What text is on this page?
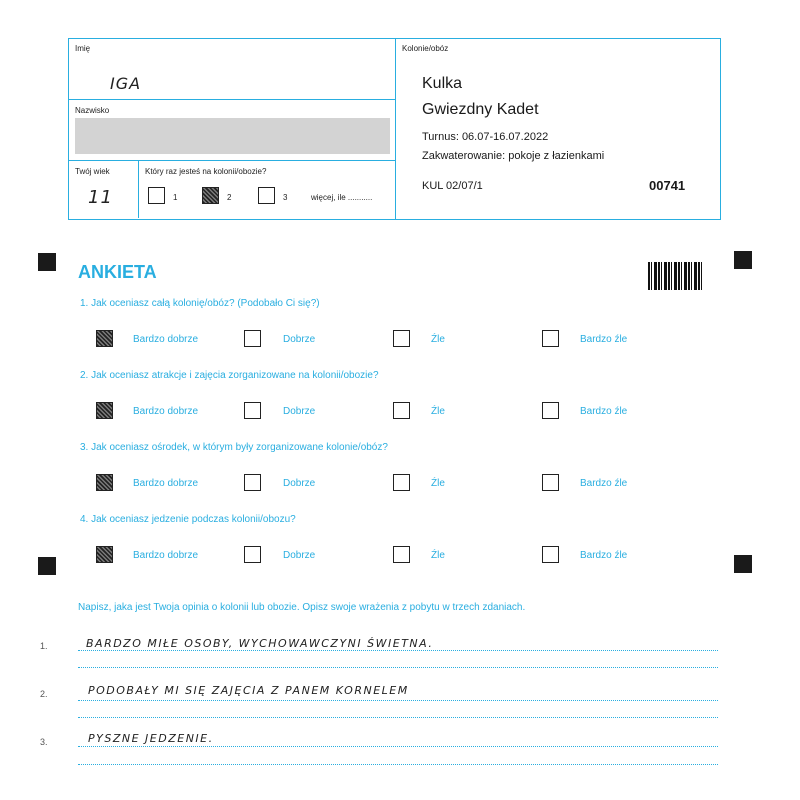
Imię
IGA
Nazwisko
Twój wiek
11
Który raz jesteś na kolonii/obozie?
1	2	3	więcej, ile ...........
Kolonie/obóz
Kulka
Gwiezdny Kadet
Turnus: 06.07-16.07.2022
Zakwaterowanie: pokoje z łazienkami
KUL 02/07/1	00741
ANKIETA
1. Jak oceniasz całą kolonię/obóz? (Podobało Ci się?)
Bardzo dobrze	Dobrze	Źle	Bardzo źle
2. Jak oceniasz atrakcje i zajęcia zorganizowane na kolonii/obozie?
Bardzo dobrze	Dobrze	Źle	Bardzo źle
3. Jak oceniasz ośrodek, w którym były zorganizowane kolonie/obóz?
Bardzo dobrze	Dobrze	Źle	Bardzo źle
4. Jak oceniasz jedzenie podczas kolonii/obozu?
Bardzo dobrze	Dobrze	Źle	Bardzo źle
Napisz, jaka jest Twoja opinia o kolonii lub obozie. Opisz swoje wrażenia z pobytu w trzech zdaniach.
1.	BARDZO MIŁE OSOBY, WYCHOWAWCZYNI ŚWIETNA.
2.	PODOBAŁY MI SIĘ ZAJĘCIA Z PANEM KORNELEM
3.	PYSZNE JEDZENIE.
